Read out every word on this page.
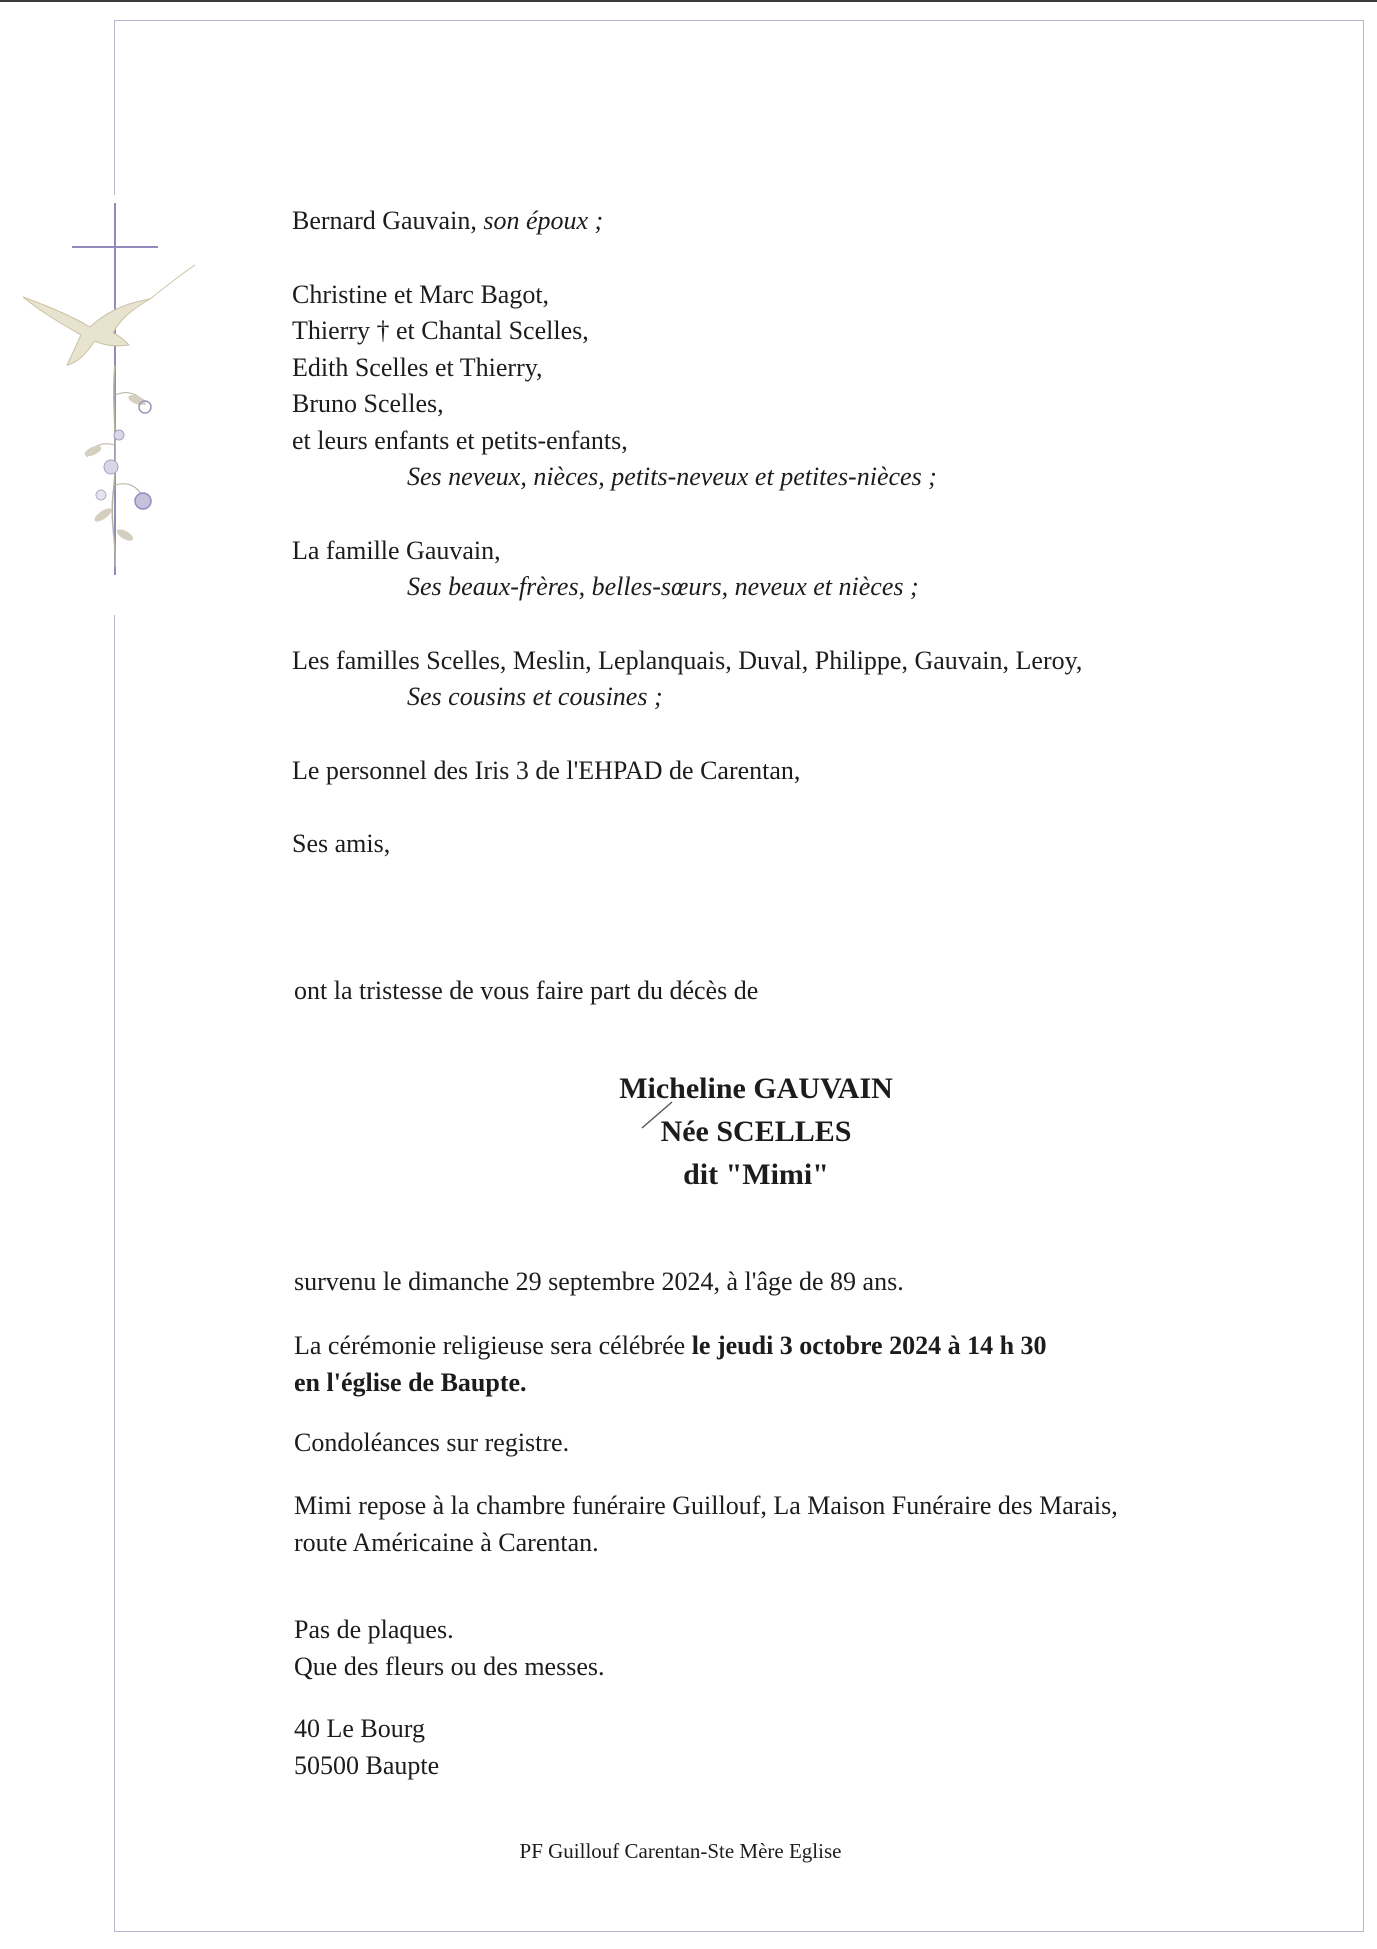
Bernard Gauvain, son époux ;
Christine et Marc Bagot,
Thierry † et Chantal Scelles,
Edith Scelles et Thierry,
Bruno Scelles,
et leurs enfants et petits-enfants,
Ses neveux, nièces, petits-neveux et petites-nièces ;
La famille Gauvain,
Ses beaux-frères, belles-sœurs, neveux et nièces ;
Les familles Scelles, Meslin, Leplanquais, Duval, Philippe, Gauvain, Leroy,
Ses cousins et cousines ;
Le personnel des Iris 3 de l'EHPAD de Carentan,
Ses amis,
ont la tristesse de vous faire part du décès de
Micheline GAUVAIN
Née SCELLES
dit "Mimi"
survenu le dimanche 29 septembre 2024, à l'âge de 89 ans.
La cérémonie religieuse sera célébrée le jeudi 3 octobre 2024 à 14 h 30
en l'église de Baupte.
Condoléances sur registre.
Mimi repose à la chambre funéraire Guillouf, La Maison Funéraire des Marais,
route Américaine à Carentan.
Pas de plaques.
Que des fleurs ou des messes.
40 Le Bourg
50500 Baupte
PF Guillouf Carentan-Ste Mère Eglise
